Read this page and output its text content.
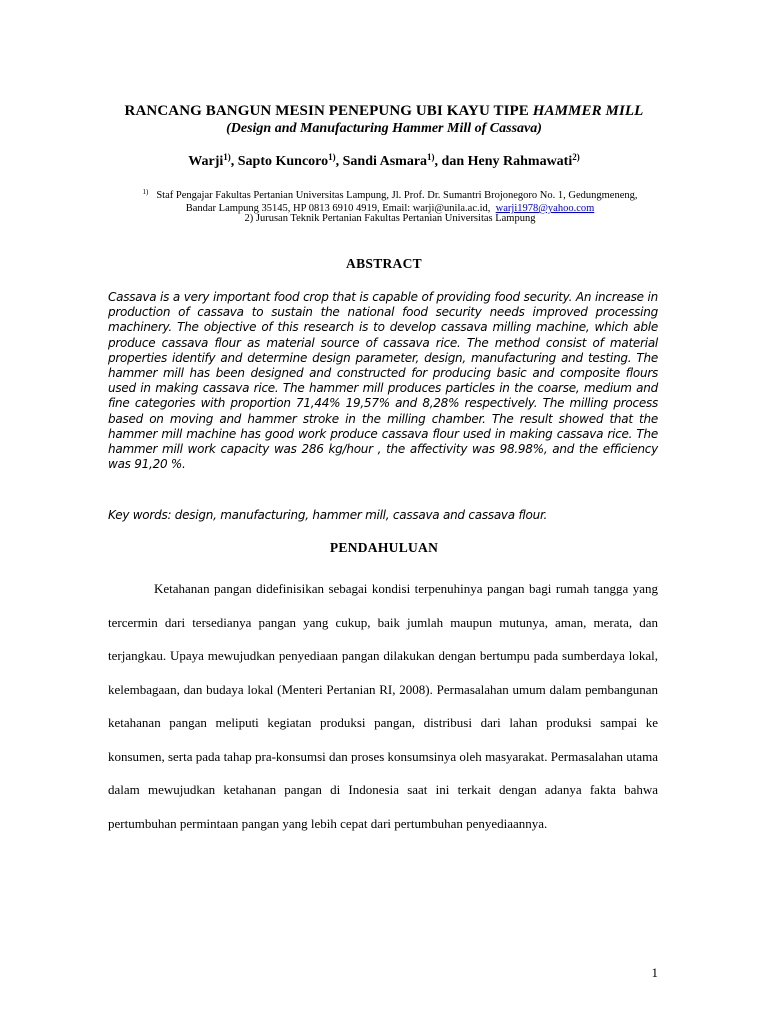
RANCANG BANGUN MESIN PENEPUNG UBI KAYU TIPE HAMMER MILL
(Design and Manufacturing Hammer Mill of Cassava)
Warji$^{1)}$, Sapto Kuncoro$^{1)}$, Sandi Asmara$^{1)}$, dan Heny Rahmawati$^{2)}$
$^{1)}$ Staf Pengajar Fakultas Pertanian Universitas Lampung, Jl. Prof. Dr. Sumantri Brojonegoro No. 1, Gedungmeneng,
Bandar Lampung 35145, HP 0813 6910 4919, Email: warji@unila.ac.id, warji1978@yahoo.com
2) Jurusan Teknik Pertanian Fakultas Pertanian Universitas Lampung
ABSTRACT
Cassava is a very important food crop that is capable of providing food security. An increase in production of cassava to sustain the national food security needs improved processing machinery. The objective of this research is to develop cassava milling machine, which able produce cassava flour as material source of cassava rice. The method consist of material properties identify and determine design parameter, design, manufacturing and testing. The hammer mill has been designed and constructed for producing basic and composite flours used in making cassava rice. The hammer mill produces particles in the coarse, medium and fine categories with proportion 71,44% 19,57% and 8,28% respectively. The milling process based on moving and hammer stroke in the milling chamber. The result showed that the hammer mill machine has good work produce cassava flour used in making cassava rice. The hammer mill work capacity was 286 kg/hour , the affectivity was 98.98%, and the efficiency was 91,20 %.
Key words: design, manufacturing, hammer mill, cassava and cassava flour.
PENDAHULUAN
Ketahanan pangan didefinisikan sebagai kondisi terpenuhinya pangan bagi rumah tangga yang tercermin dari tersedianya pangan yang cukup, baik jumlah maupun mutunya, aman, merata, dan terjangkau. Upaya mewujudkan penyediaan pangan dilakukan dengan bertumpu pada sumberdaya lokal, kelembagaan, dan budaya lokal (Menteri Pertanian RI, 2008). Permasalahan umum dalam pembangunan ketahanan pangan meliputi kegiatan produksi pangan, distribusi dari lahan produksi sampai ke konsumen, serta pada tahap pra-konsumsi dan proses konsumsinya oleh masyarakat. Permasalahan utama dalam mewujudkan ketahanan pangan di Indonesia saat ini terkait dengan adanya fakta bahwa pertumbuhan permintaan pangan yang lebih cepat dari pertumbuhan penyediaannya.
1
